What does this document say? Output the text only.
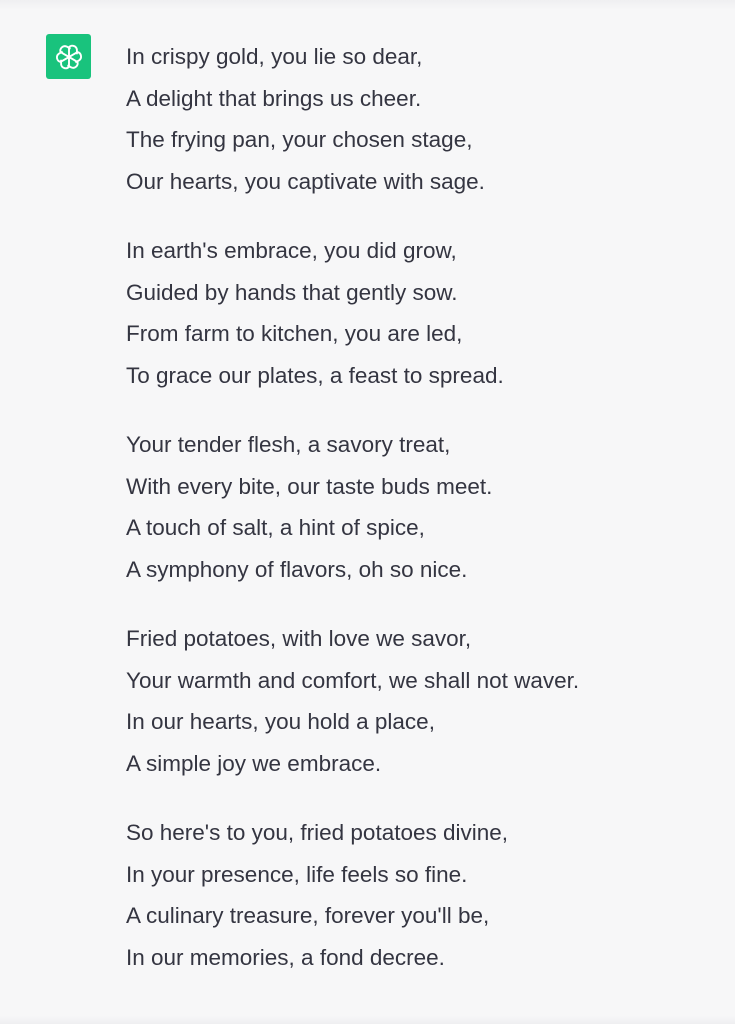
In crispy gold, you lie so dear,
A delight that brings us cheer.
The frying pan, your chosen stage,
Our hearts, you captivate with sage.
In earth's embrace, you did grow,
Guided by hands that gently sow.
From farm to kitchen, you are led,
To grace our plates, a feast to spread.
Your tender flesh, a savory treat,
With every bite, our taste buds meet.
A touch of salt, a hint of spice,
A symphony of flavors, oh so nice.
Fried potatoes, with love we savor,
Your warmth and comfort, we shall not waver.
In our hearts, you hold a place,
A simple joy we embrace.
So here's to you, fried potatoes divine,
In your presence, life feels so fine.
A culinary treasure, forever you'll be,
In our memories, a fond decree.
